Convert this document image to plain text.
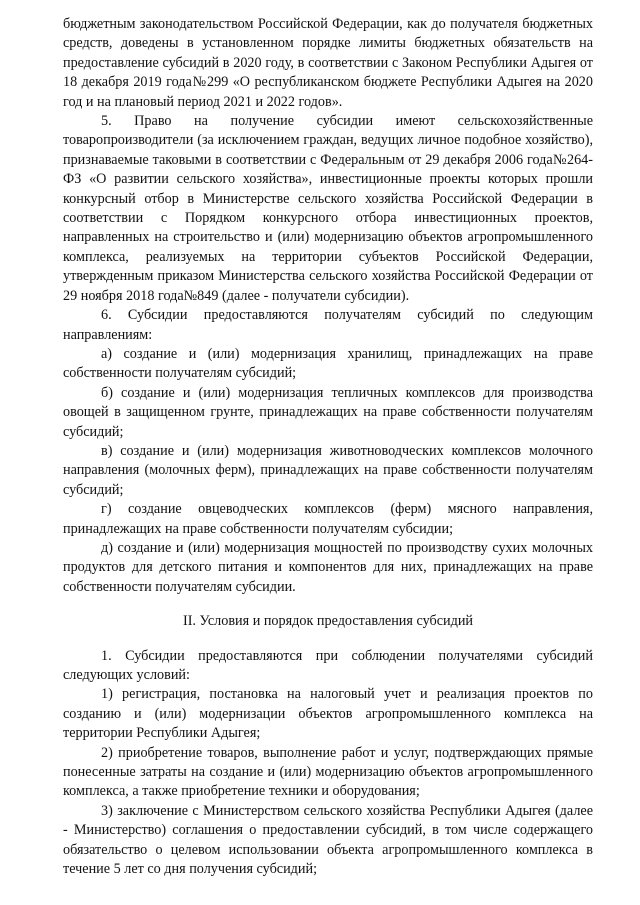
бюджетным законодательством Российской Федерации, как до получателя бюджетных средств, доведены в установленном порядке лимиты бюджетных обязательств на предоставление субсидий в 2020 году, в соответствии с Законом Республики Адыгея от 18 декабря 2019 года№299 «О республиканском бюджете Республики Адыгея на 2020 год и на плановый период 2021 и 2022 годов».

5. Право на получение субсидии имеют сельскохозяйственные товаропроизводители (за исключением граждан, ведущих личное подобное хозяйство), признаваемые таковыми в соответствии с Федеральным от 29 декабря 2006 года№264-ФЗ «О развитии сельского хозяйства», инвестиционные проекты которых прошли конкурсный отбор в Министерстве сельского хозяйства Российской Федерации в соответствии с Порядком конкурсного отбора инвестиционных проектов, направленных на строительство и (или) модернизацию объектов агропромышленного комплекса, реализуемых на территории субъектов Российской Федерации, утвержденным приказом Министерства сельского хозяйства Российской Федерации от 29 ноября 2018 года№849 (далее - получатели субсидии).

6. Субсидии предоставляются получателям субсидий по следующим направлениям:

а) создание и (или) модернизация хранилищ, принадлежащих на праве собственности получателям субсидий;

б) создание и (или) модернизация тепличных комплексов для производства овощей в защищенном грунте, принадлежащих на праве собственности получателям субсидий;

в) создание и (или) модернизация животноводческих комплексов молочного направления (молочных ферм), принадлежащих на праве собственности получателям субсидий;

г) создание овцеводческих комплексов (ферм) мясного направления, принадлежащих на праве собственности получателям субсидии;

д) создание и (или) модернизация мощностей по производству сухих молочных продуктов для детского питания и компонентов для них, принадлежащих на праве собственности получателям субсидии.

II. Условия и порядок предоставления субсидий

1. Субсидии предоставляются при соблюдении получателями субсидий следующих условий:

1) регистрация, постановка на налоговый учет и реализация проектов по созданию и (или) модернизации объектов агропромышленного комплекса на территории Республики Адыгея;

2) приобретение товаров, выполнение работ и услуг, подтверждающих прямые понесенные затраты на создание и (или) модернизацию объектов агропромышленного комплекса, а также приобретение техники и оборудования;

3) заключение с Министерством сельского хозяйства Республики Адыгея (далее - Министерство) соглашения о предоставлении субсидий, в том числе содержащего обязательство о целевом использовании объекта агропромышленного комплекса в течение 5 лет со дня получения субсидий;
